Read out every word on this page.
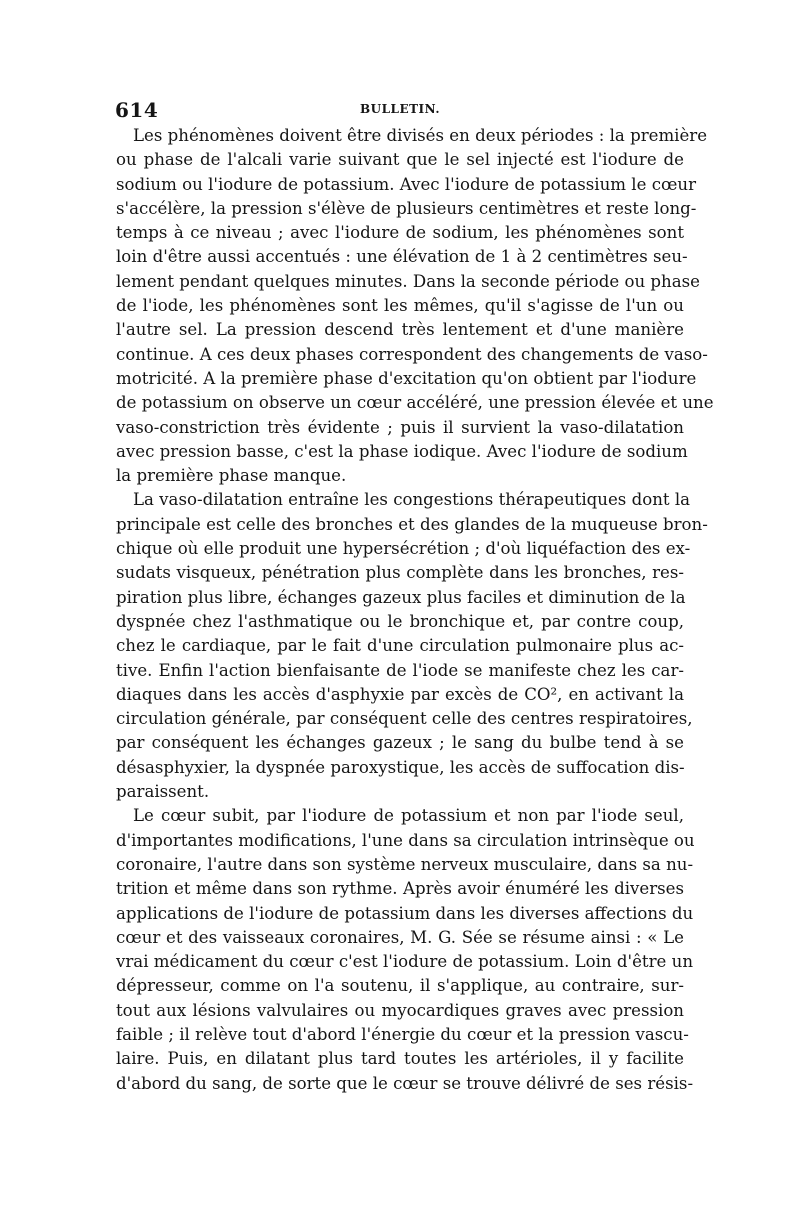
614	BULLETIN.
Les phénomènes doivent être divisés en deux périodes : la première
ou phase de l'alcali varie suivant que le sel injecté est l'iodure de
sodium ou l'iodure de potassium. Avec l'iodure de potassium le cœur
s'accélère, la pression s'élève de plusieurs centimètres et reste long-
temps à ce niveau ; avec l'iodure de sodium, les phénomènes sont
loin d'être aussi accentués : une élévation de 1 à 2 centimètres seu-
lement pendant quelques minutes. Dans la seconde période ou phase
de l'iode, les phénomènes sont les mêmes, qu'il s'agisse de l'un ou
l'autre sel. La pression descend très lentement et d'une manière
continue. A ces deux phases correspondent des changements de vaso-
motricité. A la première phase d'excitation qu'on obtient par l'iodure
de potassium on observe un cœur accéléré, une pression élevée et une
vaso-constriction très évidente ; puis il survient la vaso-dilatation
avec pression basse, c'est la phase iodique. Avec l'iodure de sodium
la première phase manque.
La vaso-dilatation entraîne les congestions thérapeutiques dont la
principale est celle des bronches et des glandes de la muqueuse bron-
chique où elle produit une hypersécrétion ; d'où liquéfaction des ex-
sudats visqueux, pénétration plus complète dans les bronches, res-
piration plus libre, échanges gazeux plus faciles et diminution de la
dyspnée chez l'asthmatique ou le bronchique et, par contre coup,
chez le cardiaque, par le fait d'une circulation pulmonaire plus ac-
tive. Enfin l'action bienfaisante de l'iode se manifeste chez les car-
diaques dans les accès d'asphyxie par excès de CO², en activant la
circulation générale, par conséquent celle des centres respiratoires,
par conséquent les échanges gazeux ; le sang du bulbe tend à se
désasphyxier, la dyspnée paroxystique, les accès de suffocation dis-
paraissent.
Le cœur subit, par l'iodure de potassium et non par l'iode seul,
d'importantes modifications, l'une dans sa circulation intrinsèque ou
coronaire, l'autre dans son système nerveux musculaire, dans sa nu-
trition et même dans son rythme. Après avoir énuméré les diverses
applications de l'iodure de potassium dans les diverses affections du
cœur et des vaisseaux coronaires, M. G. Sée se résume ainsi : « Le
vrai médicament du cœur c'est l'iodure de potassium. Loin d'être un
dépresseur, comme on l'a soutenu, il s'applique, au contraire, sur-
tout aux lésions valvulaires ou myocardiques graves avec pression
faible ; il relève tout d'abord l'énergie du cœur et la pression vascu-
laire. Puis, en dilatant plus tard toutes les artérioles, il y facilite
d'abord du sang, de sorte que le cœur se trouve délivré de ses résis-
